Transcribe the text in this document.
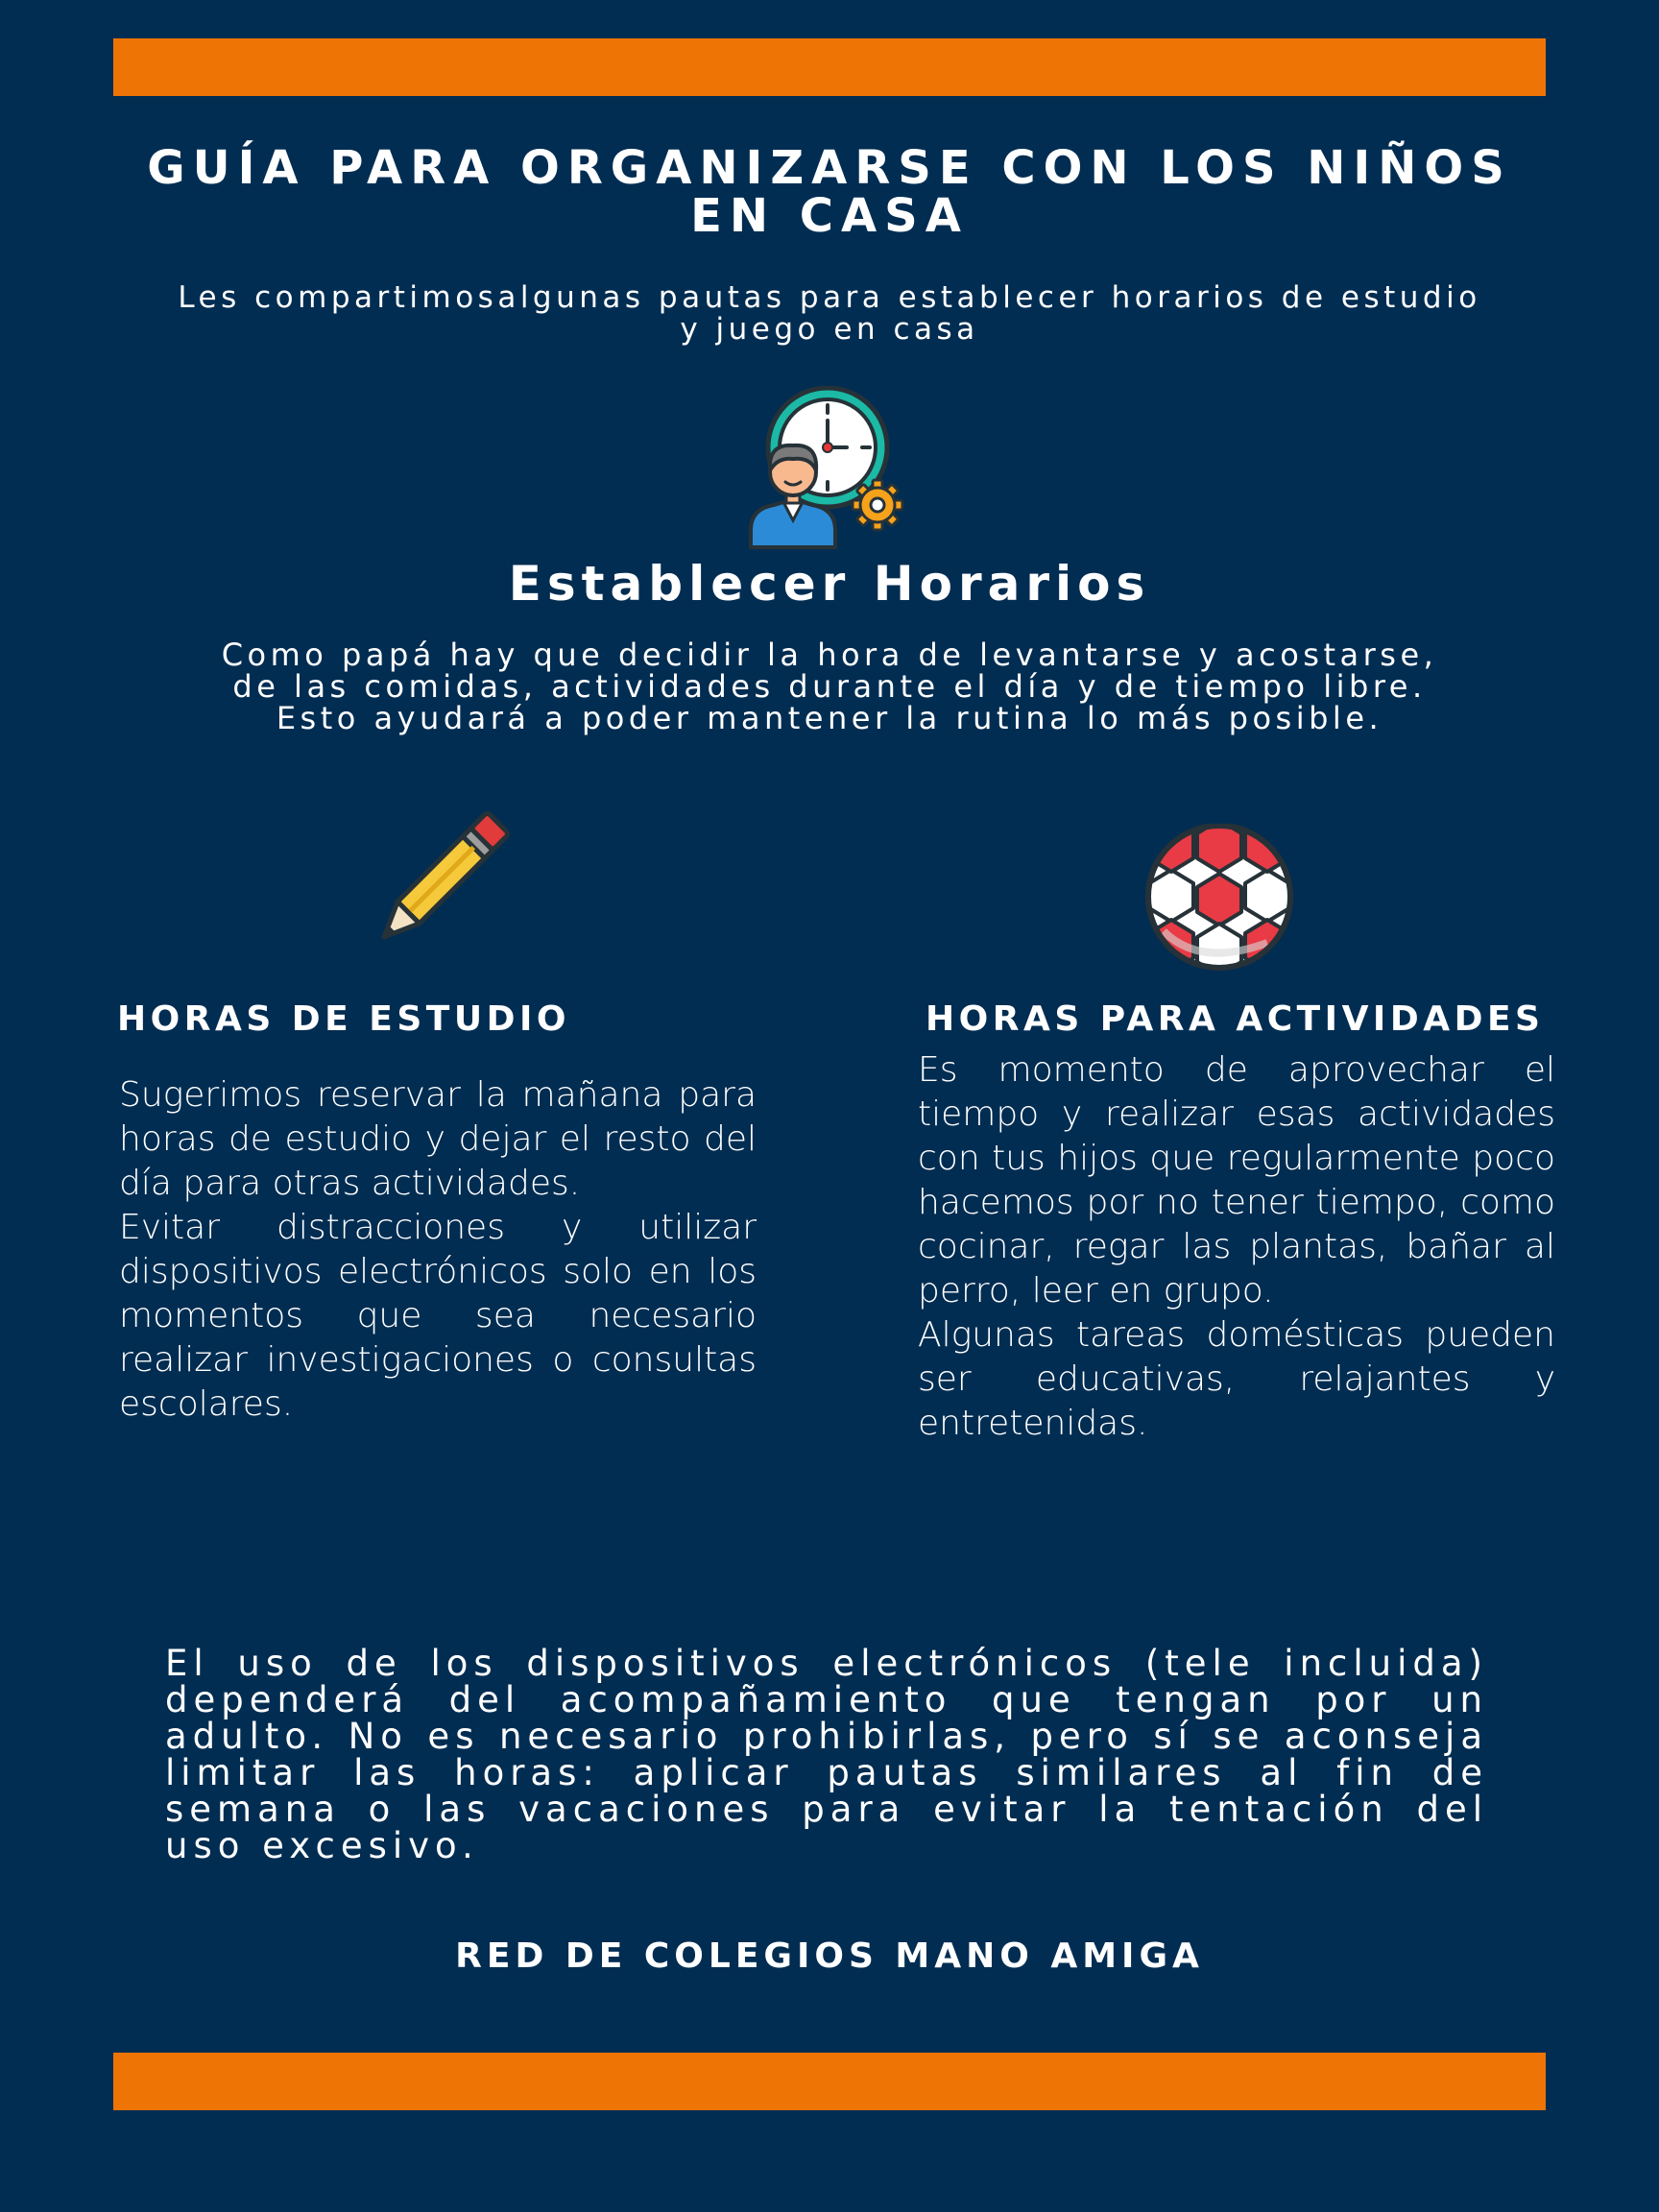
GUÍA PARA ORGANIZARSE CON LOS NIÑOS EN CASA

Les compartimosalgunas pautas para establecer horarios de estudio y juego en casa

Establecer Horarios

Como papá hay que decidir la hora de levantarse y acostarse,
de las comidas, actividades durante el día y de tiempo libre.
Esto ayudará a poder mantener la rutina lo más posible.

HORAS DE ESTUDIO
Sugerimos reservar la mañana para horas de estudio y dejar el resto del día para otras actividades.
Evitar distracciones y utilizar dispositivos electrónicos solo en los momentos que sea necesario realizar investigaciones o consultas escolares.
HORAS PARA ACTIVIDADES
Es momento de aprovechar el tiempo y realizar esas actividades con tus hijos que regularmente poco hacemos por no tener tiempo, como cocinar, regar las plantas, bañar al perro, leer en grupo.
Algunas tareas domésticas pueden ser educativas, relajantes y entretenidas.

El uso de los dispositivos electrónicos (tele incluida) dependerá del acompañamiento que tengan por un adulto. No es necesario prohibirlas, pero sí se aconseja limitar las horas: aplicar pautas similares al fin de semana o las vacaciones para evitar la tentación del uso excesivo.

RED DE COLEGIOS MANO AMIGA
